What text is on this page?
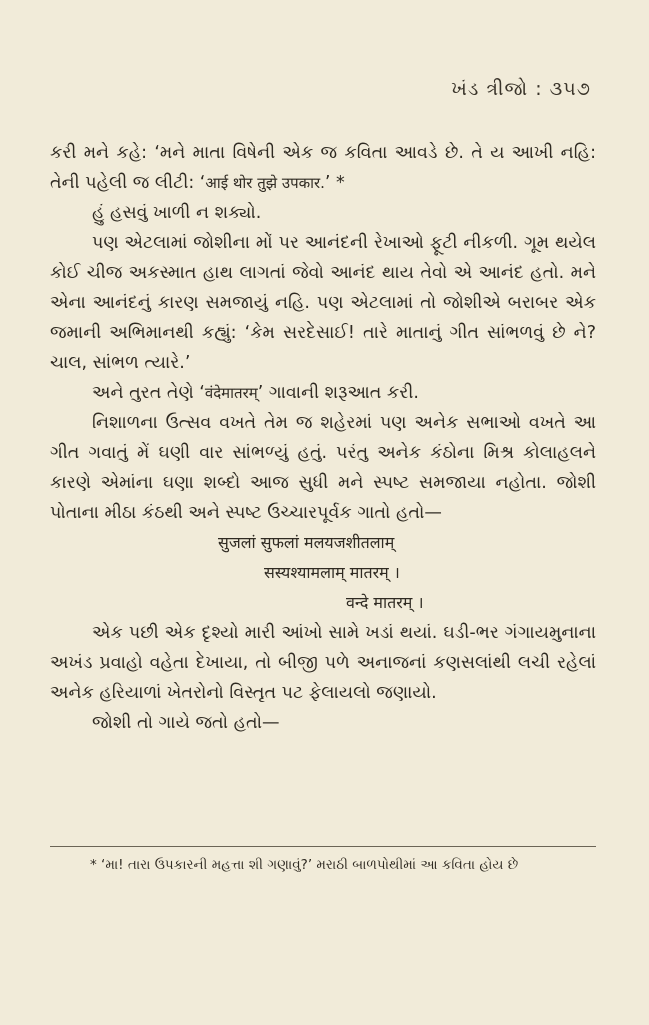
ખંડ ત્રીજો : ૩૫૭

કરી મને કહે: ‘મને માતા વિષેની એક જ કવિતા આવડે છે. તે ય આખી નહિ: તેની પહેલી જ લીટી: ‘आई थोर तुझे उपकार.’ *

હું હસવું ખાળી ન શક્યો.

પણ એટલામાં જોશીના મોં પર આનંદની રેખાઓ ફૂટી નીકળી. ગૂમ થયેલ કોઈ ચીજ અકસ્માત હાથ લાગતાં જેવો આનંદ થાય તેવો એ આનંદ હતો. મને એના આનંદનું કારણ સમજાયું નહિ. પણ એટલામાં તો જોશીએ બરાબર એક જમાની અભિમાનથી કહ્યું: ‘કેમ સરદેસાઈ! તારે માતાનું ગીત સાંભળવું છે ને? ચાલ, સાંભળ ત્યારે.’

અને તુરત તેણે ‘वंदेमातरम्’ ગાવાની શરૂઆત કરી.

નિશાળના ઉત્સવ વખતે તેમ જ શહેરમાં પણ અનેક સભાઓ વખતે આ ગીત ગવાતું મેં ઘણી વાર સાંભળ્યું હતું. પરંતુ અનેક કંઠોના મિશ્ર કોલાહલને કારણે એમાંના ઘણા શબ્દો આજ સુધી મને સ્પષ્ટ સમજાયા નહોતા. જોશી પોતાના મીઠા કંઠથી અને સ્પષ્ટ ઉચ્ચારપૂર્વક ગાતો હતો—

सुजलां सुफलां मलयजशीतलाम्
सस्यश्यामलाम् मातरम् ।
वन्दे मातरम् ।

એક પછી એક દૃશ્યો મારી આંખો સામે ખડાં થયાં. ઘડી-ભર ગંગાયમુનાના અખંડ પ્રવાહો વહેતા દેખાયા, તો બીજી પળે અનાજનાં કણસલાંથી લચી રહેલાં અનેક હરિયાળાં ખેતરોનો વિસ્તૃત પટ ફેલાયલો જણાયો.

જોશી તો ગાયે જતો હતો—

* ‘મા! તારા ઉપકારની મહત્તા શી ગણાવું?’ મરાઠી બાળપોથીમાં આ કવિતા હોય છે
